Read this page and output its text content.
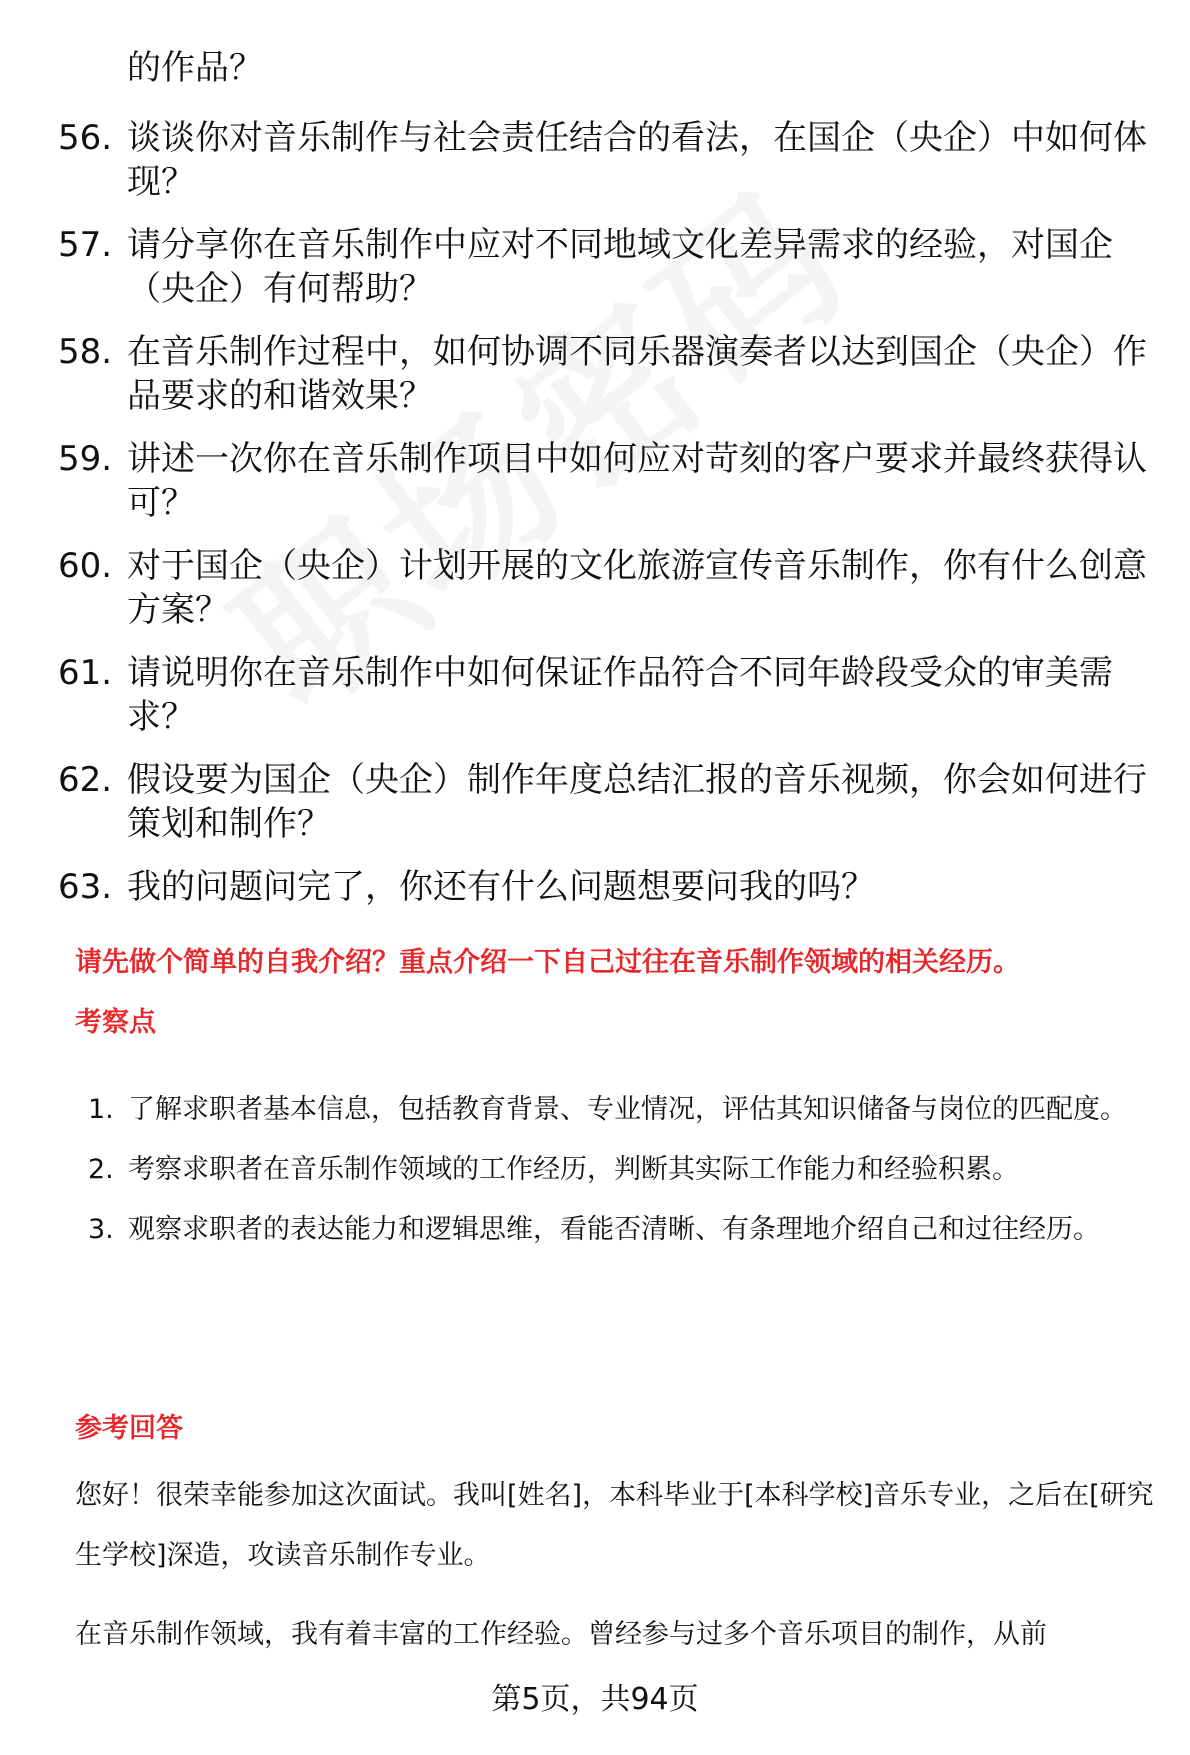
的作品？
56. 谈谈你对音乐制作与社会责任结合的看法，在国企（央企）中如何体现？
57. 请分享你在音乐制作中应对不同地域文化差异需求的经验，对国企（央企）有何帮助？
58. 在音乐制作过程中，如何协调不同乐器演奏者以达到国企（央企）作品要求的和谐效果？
59. 讲述一次你在音乐制作项目中如何应对苛刻的客户要求并最终获得认可？
60. 对于国企（央企）计划开展的文化旅游宣传音乐制作，你有什么创意方案？
61. 请说明你在音乐制作中如何保证作品符合不同年龄段受众的审美需求？
62. 假设要为国企（央企）制作年度总结汇报的音乐视频，你会如何进行策划和制作？
63. 我的问题问完了，你还有什么问题想要问我的吗？
请先做个简单的自我介绍？重点介绍一下自己过往在音乐制作领域的相关经历。
考察点
1. 了解求职者基本信息，包括教育背景、专业情况，评估其知识储备与岗位的匹配度。
2. 考察求职者在音乐制作领域的工作经历，判断其实际工作能力和经验积累。
3. 观察求职者的表达能力和逻辑思维，看能否清晰、有条理地介绍自己和过往经历。
参考回答
您好！很荣幸能参加这次面试。我叫[姓名]，本科毕业于[本科学校]音乐专业，之后在[研究生学校]深造，攻读音乐制作专业。
在音乐制作领域，我有着丰富的工作经验。曾经参与过多个音乐项目的制作，从前
第5页，共94页
